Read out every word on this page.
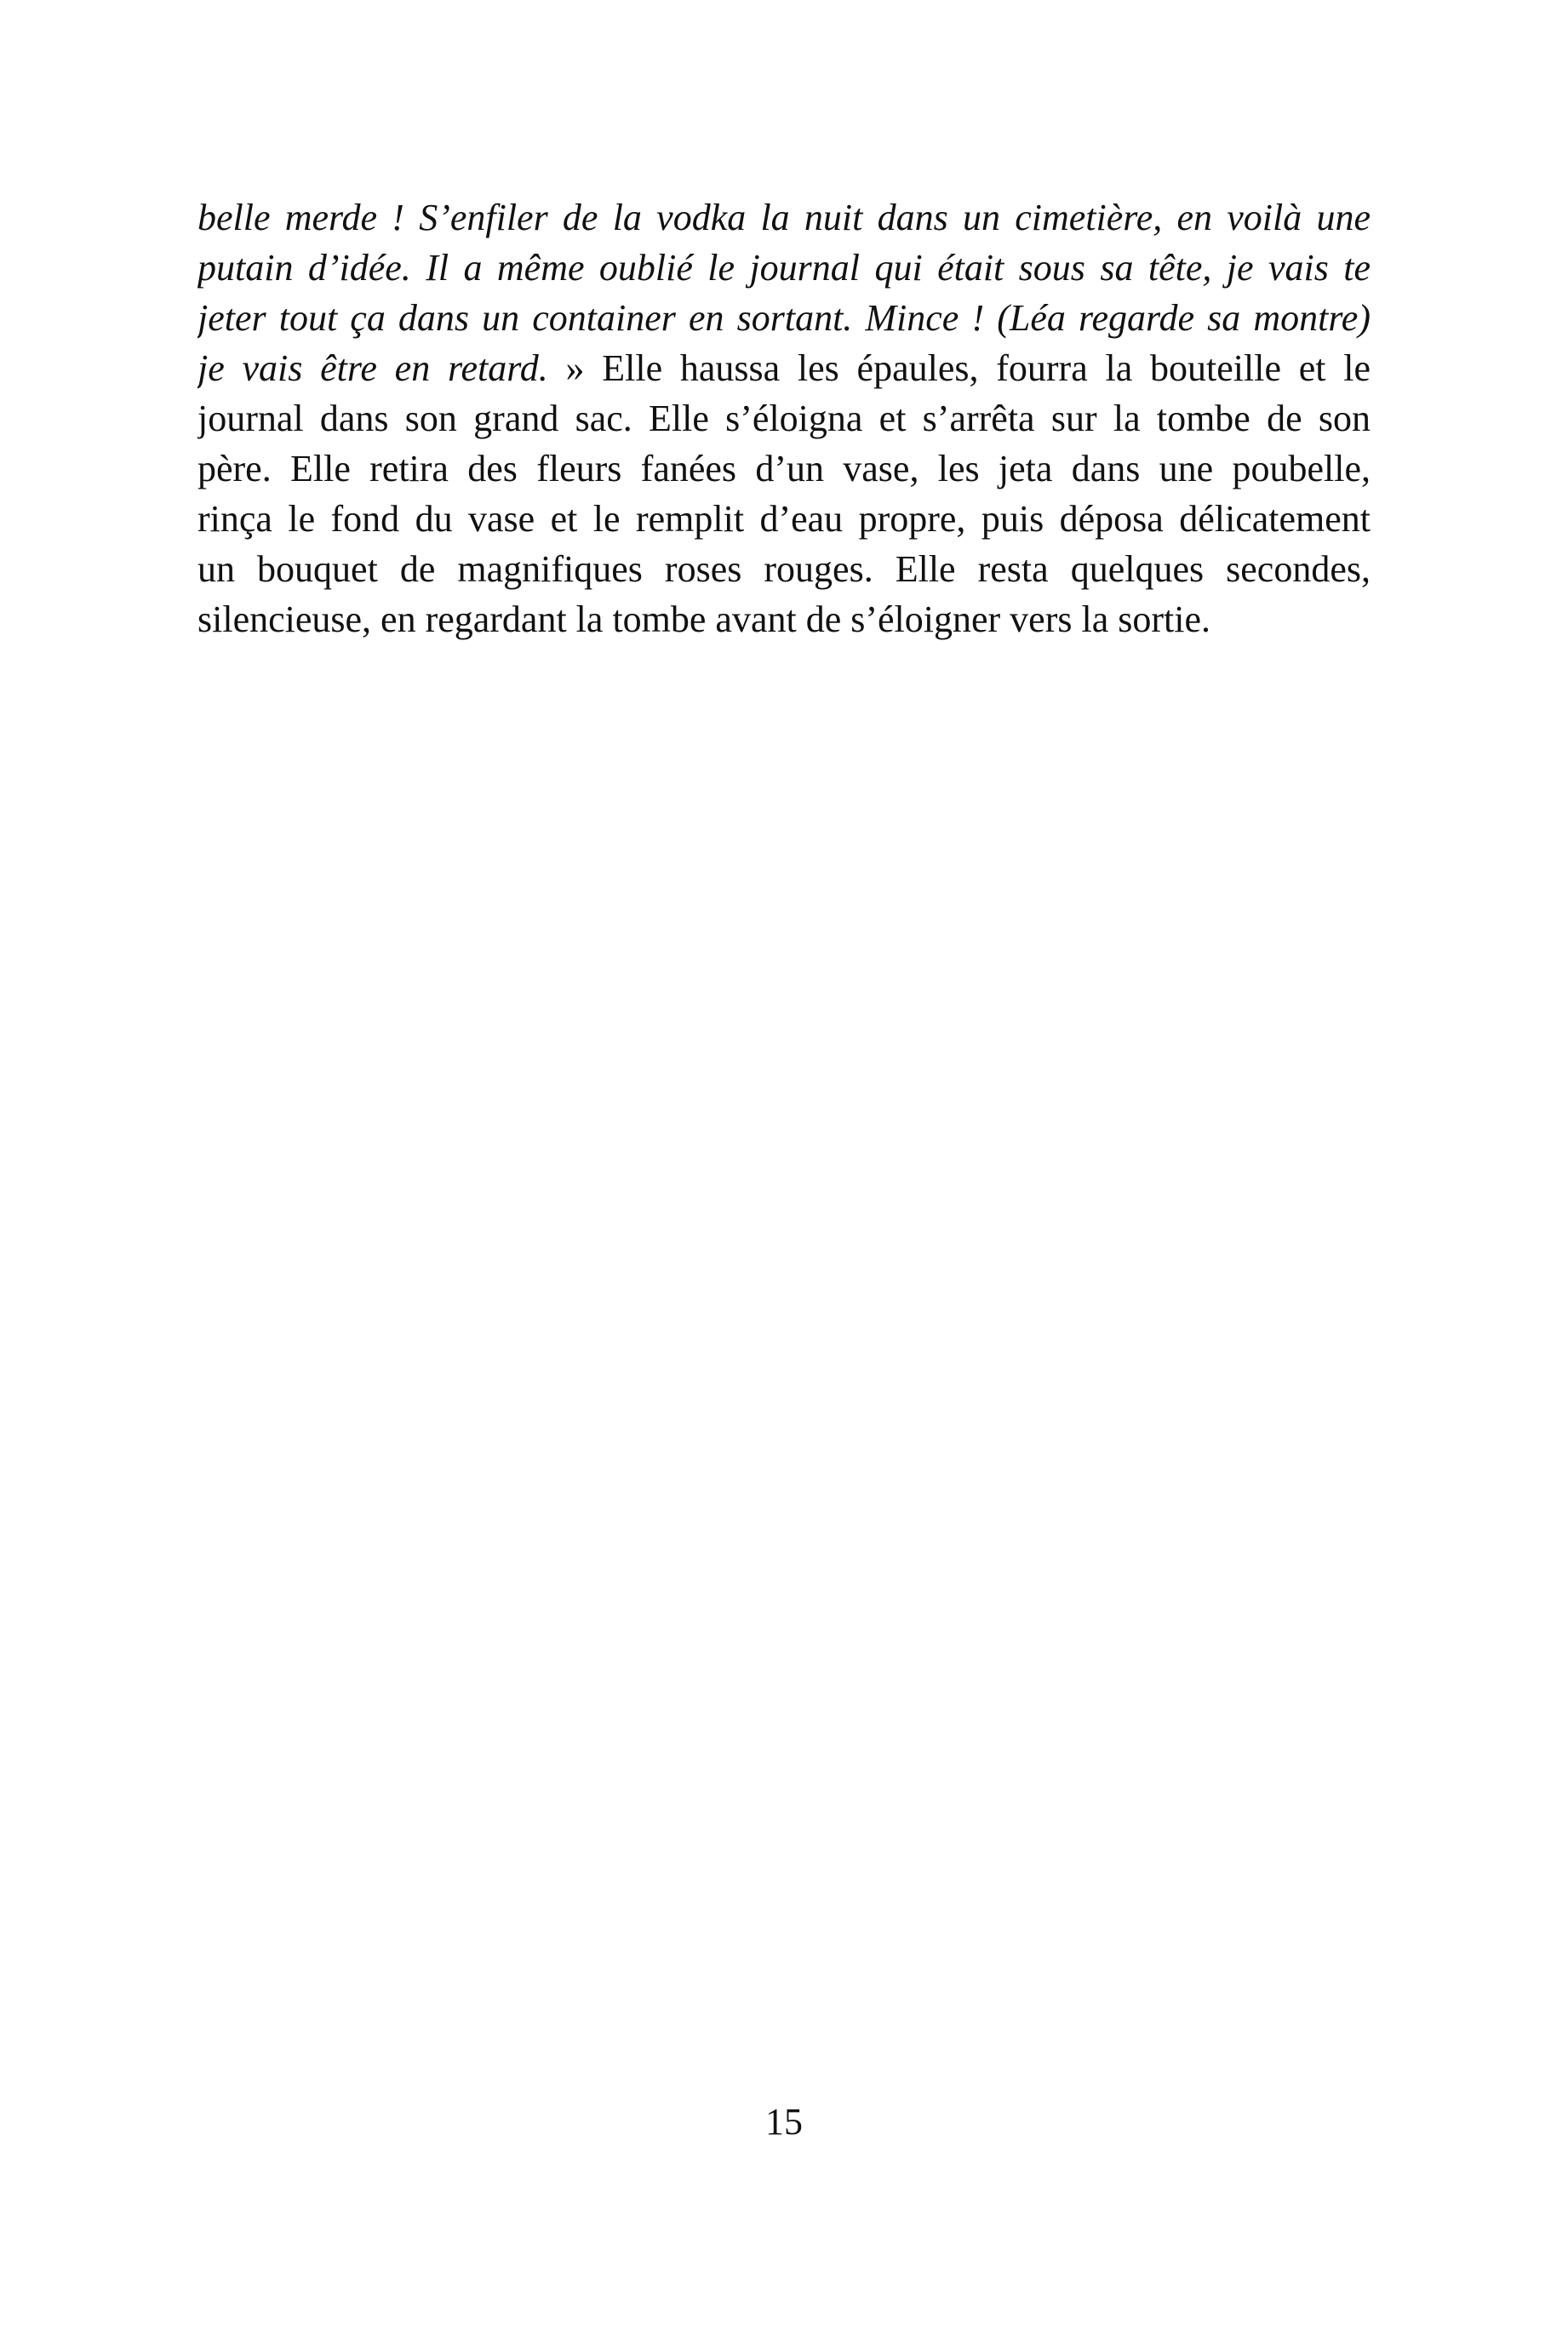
belle merde ! S’enfiler de la vodka la nuit dans un cimetière, en voilà une
putain d’idée. Il a même oublié le journal qui était sous sa tête, je vais te
jeter tout ça dans un container en sortant. Mince ! (Léa regarde sa montre)
je vais être en retard. » Elle haussa les épaules, fourra la bouteille et le
journal dans son grand sac. Elle s’éloigna et s’arrêta sur la tombe de son
père. Elle retira des fleurs fanées d’un vase, les jeta dans une poubelle,
rinça le fond du vase et le remplit d’eau propre, puis déposa délicatement
un bouquet de magnifiques roses rouges. Elle resta quelques secondes,
silencieuse, en regardant la tombe avant de s’éloigner vers la sortie.
15
